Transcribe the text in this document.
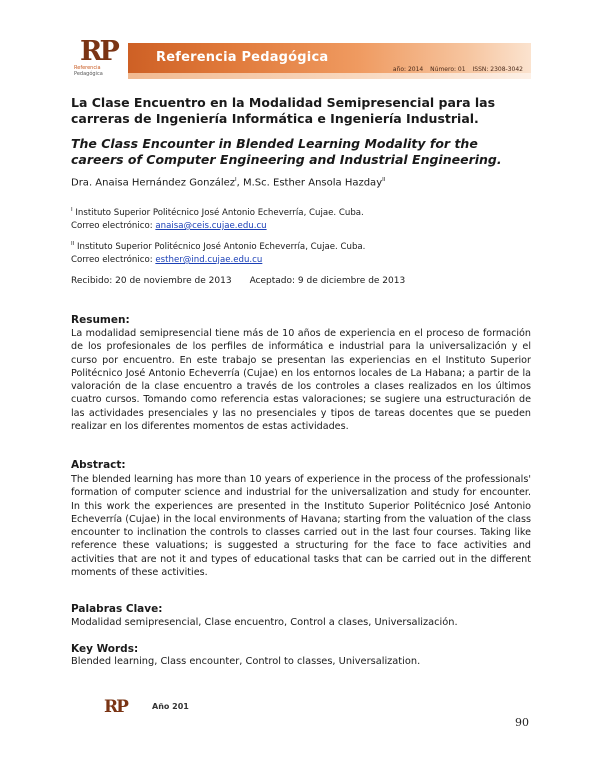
RP
Referencia
Pedagógica
Referencia Pedagógica
año: 2014 Número: 01 ISSN: 2308-3042
La Clase Encuentro en la Modalidad Semipresencial para las carreras de Ingeniería Informática e Ingeniería Industrial.
The Class Encounter in Blended Learning Modality for the careers of Computer Engineering and Industrial Engineering.
Dra. Anaisa Hernández González$^I$, M.Sc. Esther Ansola Hazday$^{II}$
$^I$ Instituto Superior Politécnico José Antonio Echeverría, Cujae. Cuba.
Correo electrónico: anaisa@ceis.cujae.edu.cu
$^{II}$ Instituto Superior Politécnico José Antonio Echeverría, Cujae. Cuba.
Correo electrónico: esther@ind.cujae.edu.cu
Recibido: 20 de noviembre de 2013 Aceptado: 9 de diciembre de 2013
Resumen:
La modalidad semipresencial tiene más de 10 años de experiencia en el proceso de formación de los profesionales de los perfiles de informática e industrial para la universalización y el curso por encuentro. En este trabajo se presentan las experiencias en el Instituto Superior Politécnico José Antonio Echeverría (Cujae) en los entornos locales de La Habana; a partir de la valoración de la clase encuentro a través de los controles a clases realizados en los últimos cuatro cursos. Tomando como referencia estas valoraciones; se sugiere una estructuración de las actividades presenciales y las no presenciales y tipos de tareas docentes que se pueden realizar en los diferentes momentos de estas actividades.
Abstract:
The blended learning has more than 10 years of experience in the process of the professionals' formation of computer science and industrial for the universalization and study for encounter. In this work the experiences are presented in the Instituto Superior Politécnico José Antonio Echeverría (Cujae) in the local environments of Havana; starting from the valuation of the class encounter to inclination the controls to classes carried out in the last four courses. Taking like reference these valuations; is suggested a structuring for the face to face activities and activities that are not it and types of educational tasks that can be carried out in the different moments of these activities.
Palabras Clave:
Modalidad semipresencial, Clase encuentro, Control a clases, Universalización.
Key Words:
Blended learning, Class encounter, Control to classes, Universalization.
RP	Año 201
90
